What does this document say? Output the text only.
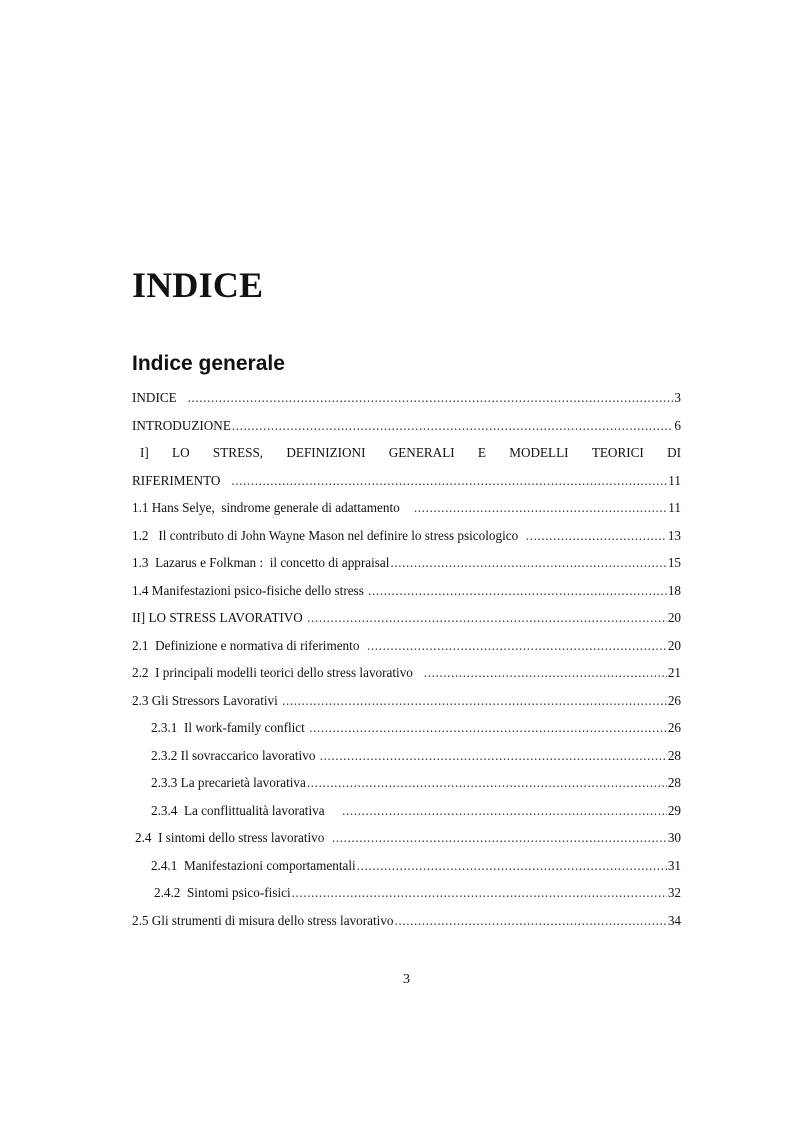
INDICE
Indice generale
INDICE .....	3
INTRODUZIONE .....	6
I] LO STRESS, DEFINIZIONI GENERALI E MODELLI TEORICI DI
RIFERIMENTO .....	11
1.1 Hans Selye,  sindrome generale di adattamento .....	11
1.2   Il contributo di John Wayne Mason nel definire lo stress psicologico .....	13
1.3  Lazarus e Folkman :  il concetto di appraisal .....	15
1.4 Manifestazioni psico-fisiche dello stress .....	18
II] LO STRESS LAVORATIVO .....	20
2.1  Definizione e normativa di riferimento .....	20
2.2  I principali modelli teorici dello stress lavorativo .....	21
2.3 Gli Stressors Lavorativi .....	26
2.3.1  Il work-family conflict .....	26
2.3.2 Il sovraccarico lavorativo .....	28
2.3.3 La precarietà lavorativa .....	28
2.3.4  La conflittualità lavorativa .....	29
2.4  I sintomi dello stress lavorativo .....	30
2.4.1  Manifestazioni comportamentali .....	31
2.4.2  Sintomi psico-fisici .....	32
2.5 Gli strumenti di misura dello stress lavorativo .....	34
3
